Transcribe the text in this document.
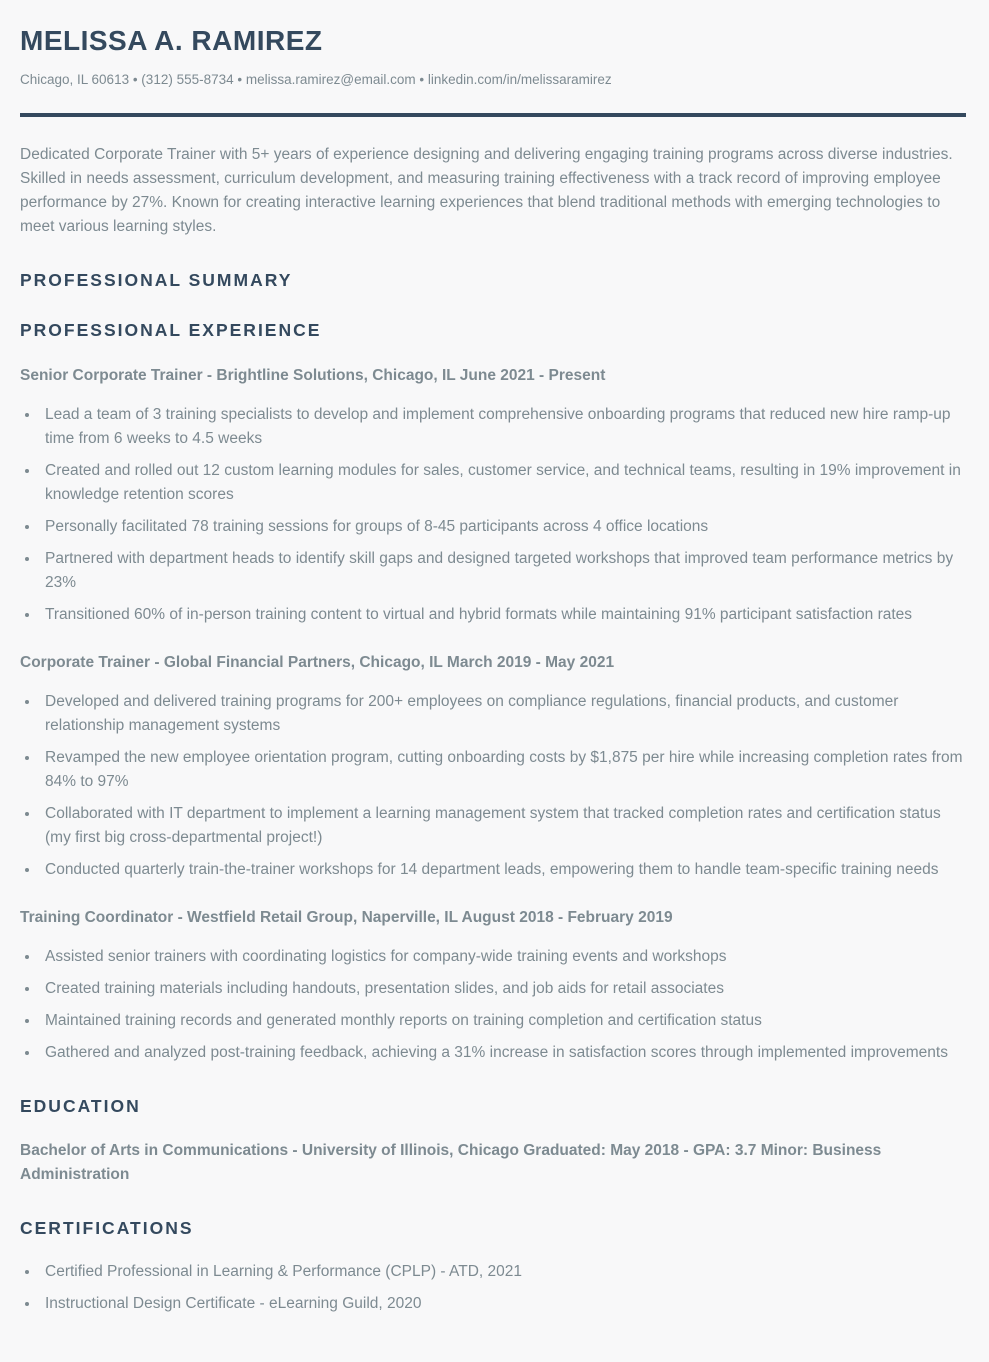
MELISSA A. RAMIREZ

Chicago, IL 60613 • (312) 555-8734 • melissa.ramirez@email.com • linkedin.com/in/melissaramirez

Dedicated Corporate Trainer with 5+ years of experience designing and delivering engaging training programs across diverse industries. Skilled in needs assessment, curriculum development, and measuring training effectiveness with a track record of improving employee performance by 27%. Known for creating interactive learning experiences that blend traditional methods with emerging technologies to meet various learning styles.

PROFESSIONAL SUMMARY
PROFESSIONAL EXPERIENCE
Senior Corporate Trainer - Brightline Solutions, Chicago, IL June 2021 - Present
• Lead a team of 3 training specialists to develop and implement comprehensive onboarding programs that reduced new hire ramp-up time from 6 weeks to 4.5 weeks
• Created and rolled out 12 custom learning modules for sales, customer service, and technical teams, resulting in 19% improvement in knowledge retention scores
• Personally facilitated 78 training sessions for groups of 8-45 participants across 4 office locations
• Partnered with department heads to identify skill gaps and designed targeted workshops that improved team performance metrics by 23%
• Transitioned 60% of in-person training content to virtual and hybrid formats while maintaining 91% participant satisfaction rates
Corporate Trainer - Global Financial Partners, Chicago, IL March 2019 - May 2021
• Developed and delivered training programs for 200+ employees on compliance regulations, financial products, and customer relationship management systems
• Revamped the new employee orientation program, cutting onboarding costs by $1,875 per hire while increasing completion rates from 84% to 97%
• Collaborated with IT department to implement a learning management system that tracked completion rates and certification status (my first big cross-departmental project!)
• Conducted quarterly train-the-trainer workshops for 14 department leads, empowering them to handle team-specific training needs
Training Coordinator - Westfield Retail Group, Naperville, IL August 2018 - February 2019
• Assisted senior trainers with coordinating logistics for company-wide training events and workshops
• Created training materials including handouts, presentation slides, and job aids for retail associates
• Maintained training records and generated monthly reports on training completion and certification status
• Gathered and analyzed post-training feedback, achieving a 31% increase in satisfaction scores through implemented improvements
EDUCATION

Bachelor of Arts in Communications - University of Illinois, Chicago Graduated: May 2018 - GPA: 3.7 Minor: Business Administration

CERTIFICATIONS
• Certified Professional in Learning & Performance (CPLP) - ATD, 2021
• Instructional Design Certificate - eLearning Guild, 2020
